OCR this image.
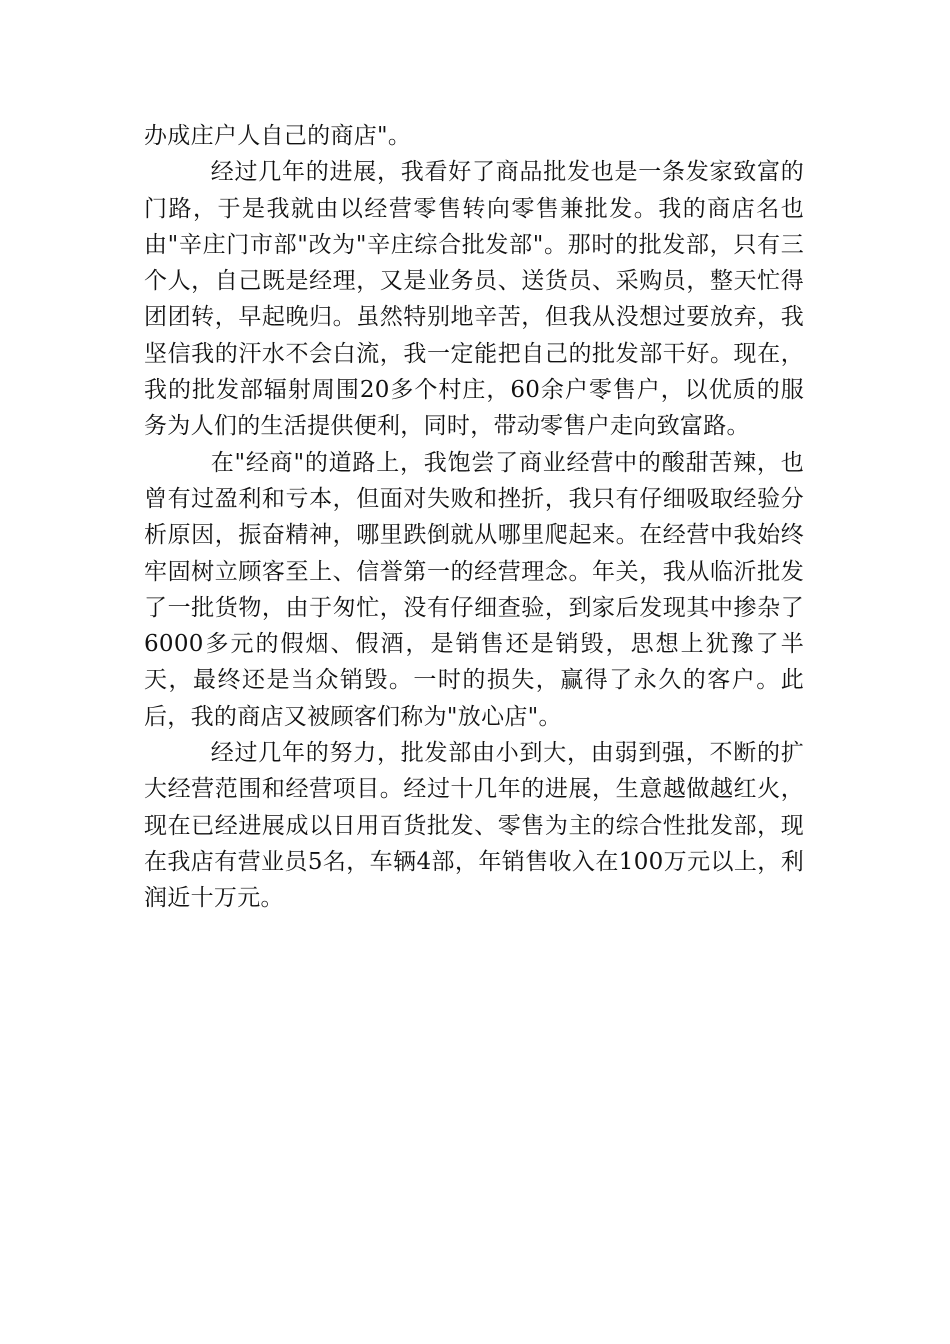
办成庄户人自己的商店"。

经过几年的进展，我看好了商品批发也是一条发家致富的门路，于是我就由以经营零售转向零售兼批发。我的商店名也由"辛庄门市部"改为"辛庄综合批发部"。那时的批发部，只有三个人，自己既是经理，又是业务员、送货员、采购员，整天忙得团团转，早起晚归。虽然特别地辛苦，但我从没想过要放弃，我坚信我的汗水不会白流，我一定能把自己的批发部干好。现在，我的批发部辐射周围20多个村庄，60余户零售户，以优质的服务为人们的生活提供便利，同时，带动零售户走向致富路。

在"经商"的道路上，我饱尝了商业经营中的酸甜苦辣，也曾有过盈利和亏本，但面对失败和挫折，我只有仔细吸取经验分析原因，振奋精神，哪里跌倒就从哪里爬起来。在经营中我始终牢固树立顾客至上、信誉第一的经营理念。年关，我从临沂批发了一批货物，由于匆忙，没有仔细查验，到家后发现其中掺杂了6000多元的假烟、假酒，是销售还是销毁，思想上犹豫了半天，最终还是当众销毁。一时的损失，赢得了永久的客户。此后，我的商店又被顾客们称为"放心店"。

经过几年的努力，批发部由小到大，由弱到强，不断的扩大经营范围和经营项目。经过十几年的进展，生意越做越红火，现在已经进展成以日用百货批发、零售为主的综合性批发部，现在我店有营业员5名，车辆4部，年销售收入在100万元以上，利润近十万元。
